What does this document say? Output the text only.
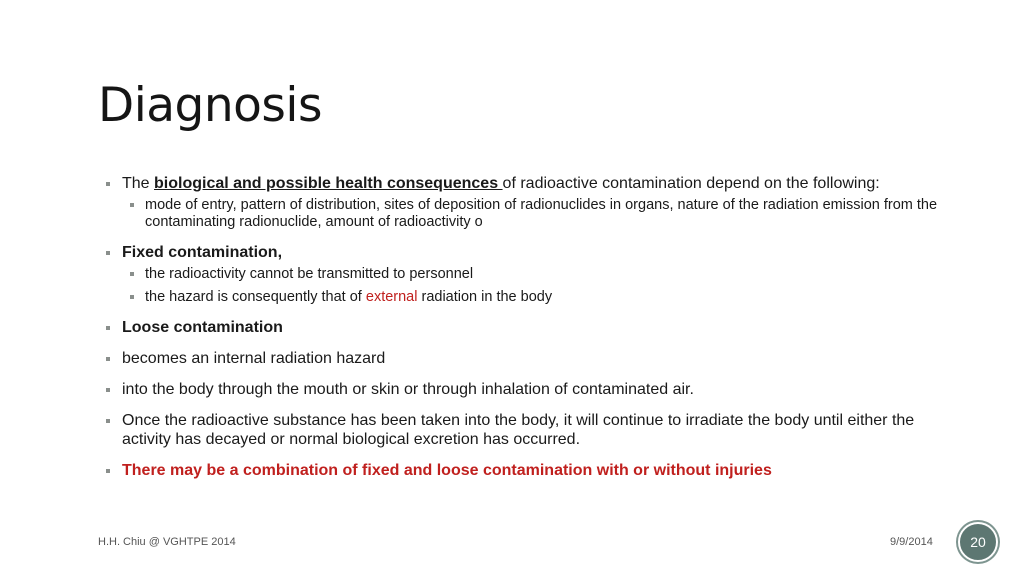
Diagnosis
The biological and possible health consequences of radioactive contamination depend on the following:
mode of entry, pattern of distribution, sites of deposition of radionuclides in organs, nature of the radiation emission from the contaminating radionuclide, amount of radioactivity o
Fixed contamination,
the radioactivity cannot be transmitted to personnel
the hazard is consequently that of external radiation in the body
Loose contamination
becomes an internal radiation hazard
into the body through the mouth or skin or through inhalation of contaminated air.
Once the radioactive substance has been taken into the body, it will continue to irradiate the body until either the activity has decayed or normal biological excretion has occurred.
There may be a combination of fixed and loose contamination with or without injuries
H.H. Chiu @ VGHTPE 2014	9/9/2014	20
